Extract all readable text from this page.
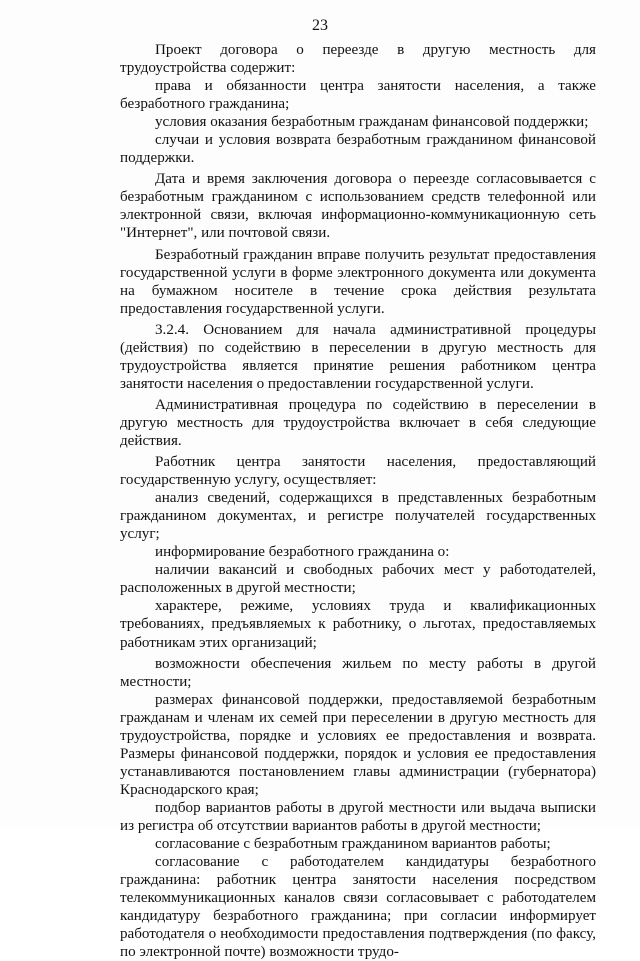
23

Проект договора о переезде в другую местность для трудоустройства содержит:

права и обязанности центра занятости населения, а также безработного гражданина;

условия оказания безработным гражданам финансовой поддержки;

случаи и условия возврата безработным гражданином финансовой поддержки.

Дата и время заключения договора о переезде согласовывается с безработным гражданином с использованием средств телефонной или электронной связи, включая информационно-коммуникационную сеть "Интернет", или почтовой связи.

Безработный гражданин вправе получить результат предоставления государственной услуги в форме электронного документа или документа на бумажном носителе в течение срока действия результата предоставления государственной услуги.

3.2.4. Основанием для начала административной процедуры (действия) по содействию в переселении в другую местность для трудоустройства является принятие решения работником центра занятости населения о предоставлении государственной услуги.

Административная процедура по содействию в переселении в другую местность для трудоустройства включает в себя следующие действия.

Работник центра занятости населения, предоставляющий государственную услугу, осуществляет:

анализ сведений, содержащихся в представленных безработным гражданином документах, и регистре получателей государственных услуг;

информирование безработного гражданина о:

наличии вакансий и свободных рабочих мест у работодателей, расположенных в другой местности;

характере, режиме, условиях труда и квалификационных требованиях, предъявляемых к работнику, о льготах, предоставляемых работникам этих организаций;

возможности обеспечения жильем по месту работы в другой местности;

размерах финансовой поддержки, предоставляемой безработным гражданам и членам их семей при переселении в другую местность для трудоустройства, порядке и условиях ее предоставления и возврата. Размеры финансовой поддержки, порядок и условия ее предоставления устанавливаются постановлением главы администрации (губернатора) Краснодарского края;

подбор вариантов работы в другой местности или выдача выписки из регистра об отсутствии вариантов работы в другой местности;

согласование с безработным гражданином вариантов работы;

согласование с работодателем кандидатуры безработного гражданина: работник центра занятости населения посредством телекоммуникационных каналов связи согласовывает с работодателем кандидатуру безработного гражданина; при согласии информирует работодателя о необходимости предоставления подтверждения (по факсу, по электронной почте) возможности трудо-
